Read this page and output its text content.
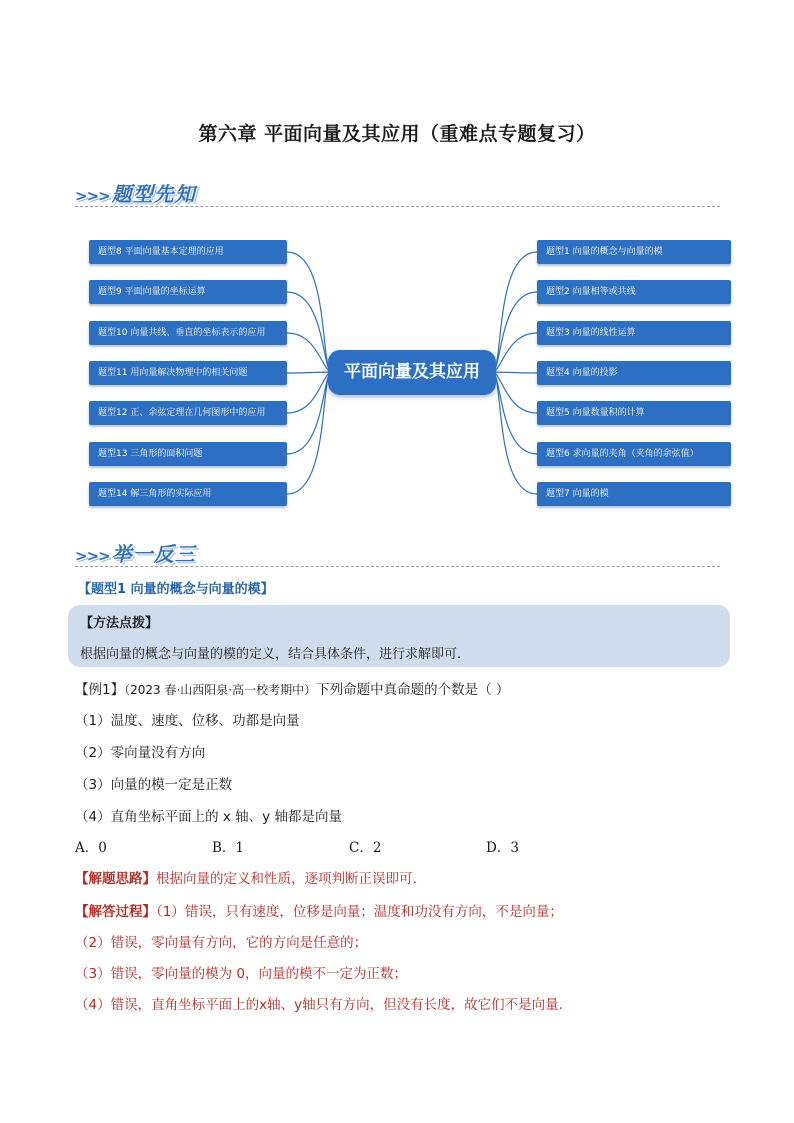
第六章 平面向量及其应用（重难点专题复习）
>>> 题型先知
题型8 平面向量基本定理的应用
题型9 平面向量的坐标运算
题型10 向量共线、垂直的坐标表示的应用
题型11 用向量解决物理中的相关问题
题型12 正、余弦定理在几何图形中的应用
题型13 三角形的面积问题
题型14 解三角形的实际应用
题型1 向量的概念与向量的模
题型2 向量相等或共线
题型3 向量的线性运算
题型4 向量的投影
题型5 向量数量积的计算
题型6 求向量的夹角（夹角的余弦值）
题型7 向量的模
平面向量及其应用
>>> 举一反三
【题型1 向量的概念与向量的模】
【方法点拨】
根据向量的概念与向量的模的定义，结合具体条件，进行求解即可.
【例1】（2023 春·山西阳泉·高一校考期中）下列命题中真命题的个数是（ ）
（1）温度、速度、位移、功都是向量
（2）零向量没有方向
（3）向量的模一定是正数
（4）直角坐标平面上的 x 轴、y 轴都是向量
A．0	B．1	C．2	D．3
【解题思路】根据向量的定义和性质，逐项判断正误即可.
【解答过程】（1）错误，只有速度，位移是向量；温度和功没有方向，不是向量；
（2）错误，零向量有方向，它的方向是任意的；
（3）错误，零向量的模为 0，向量的模不一定为正数；
（4）错误，直角坐标平面上的x轴、y轴只有方向，但没有长度，故它们不是向量.
